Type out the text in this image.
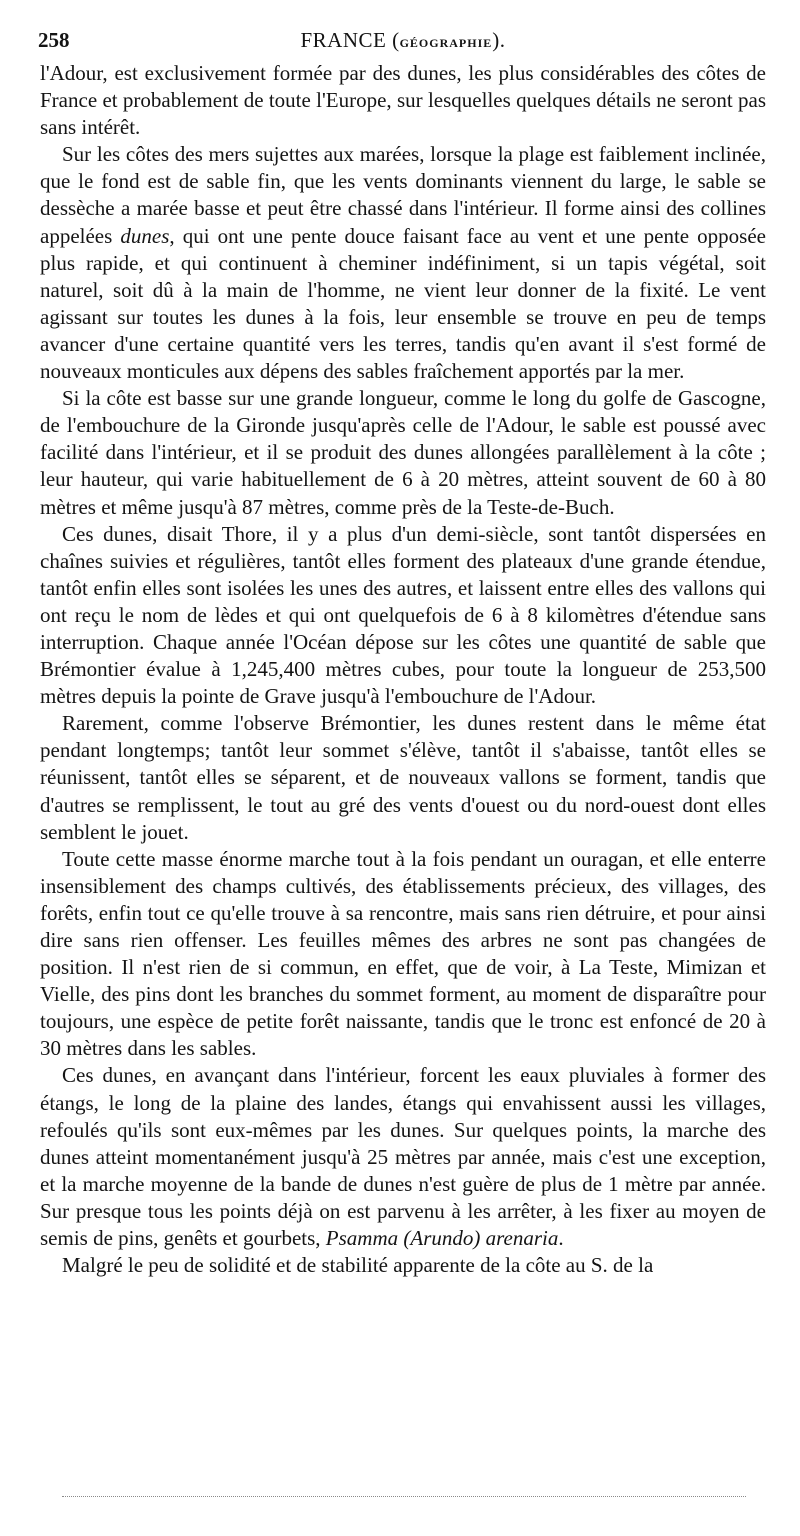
258	FRANCE (GÉOGRAPHIE).

l'Adour, est exclusivement formée par des dunes, les plus considérables des côtes de France et probablement de toute l'Europe, sur lesquelles quelques détails ne seront pas sans intérêt.

Sur les côtes des mers sujettes aux marées, lorsque la plage est faiblement inclinée, que le fond est de sable fin, que les vents dominants viennent du large, le sable se dessèche a marée basse et peut être chassé dans l'intérieur. Il forme ainsi des collines appelées dunes, qui ont une pente douce faisant face au vent et une pente opposée plus rapide, et qui continuent à cheminer indéfiniment, si un tapis végétal, soit naturel, soit dû à la main de l'homme, ne vient leur donner de la fixité. Le vent agissant sur toutes les dunes à la fois, leur ensemble se trouve en peu de temps avancer d'une certaine quantité vers les terres, tandis qu'en avant il s'est formé de nouveaux monticules aux dépens des sables fraîchement apportés par la mer.

Si la côte est basse sur une grande longueur, comme le long du golfe de Gascogne, de l'embouchure de la Gironde jusqu'après celle de l'Adour, le sable est poussé avec facilité dans l'intérieur, et il se produit des dunes allongées parallèlement à la côte ; leur hauteur, qui varie habituellement de 6 à 20 mètres, atteint souvent de 60 à 80 mètres et même jusqu'à 87 mètres, comme près de la Teste-de-Buch.

Ces dunes, disait Thore, il y a plus d'un demi-siècle, sont tantôt dispersées en chaînes suivies et régulières, tantôt elles forment des plateaux d'une grande étendue, tantôt enfin elles sont isolées les unes des autres, et laissent entre elles des vallons qui ont reçu le nom de lèdes et qui ont quelquefois de 6 à 8 kilomètres d'étendue sans interruption. Chaque année l'Océan dépose sur les côtes une quantité de sable que Brémontier évalue à 1,245,400 mètres cubes, pour toute la longueur de 253,500 mètres depuis la pointe de Grave jusqu'à l'embouchure de l'Adour.

Rarement, comme l'observe Brémontier, les dunes restent dans le même état pendant longtemps; tantôt leur sommet s'élève, tantôt il s'abaisse, tantôt elles se réunissent, tantôt elles se séparent, et de nouveaux vallons se forment, tandis que d'autres se remplissent, le tout au gré des vents d'ouest ou du nord-ouest dont elles semblent le jouet.

Toute cette masse énorme marche tout à la fois pendant un ouragan, et elle enterre insensiblement des champs cultivés, des établissements précieux, des villages, des forêts, enfin tout ce qu'elle trouve à sa rencontre, mais sans rien détruire, et pour ainsi dire sans rien offenser. Les feuilles mêmes des arbres ne sont pas changées de position. Il n'est rien de si commun, en effet, que de voir, à La Teste, Mimizan et Vielle, des pins dont les branches du sommet forment, au moment de disparaître pour toujours, une espèce de petite forêt naissante, tandis que le tronc est enfoncé de 20 à 30 mètres dans les sables.

Ces dunes, en avançant dans l'intérieur, forcent les eaux pluviales à former des étangs, le long de la plaine des landes, étangs qui envahissent aussi les villages, refoulés qu'ils sont eux-mêmes par les dunes. Sur quelques points, la marche des dunes atteint momentanément jusqu'à 25 mètres par année, mais c'est une exception, et la marche moyenne de la bande de dunes n'est guère de plus de 1 mètre par année. Sur presque tous les points déjà on est parvenu à les arrêter, à les fixer au moyen de semis de pins, genêts et gourbets, Psamma (Arundo) arenaria.

Malgré le peu de solidité et de stabilité apparente de la côte au S. de la
